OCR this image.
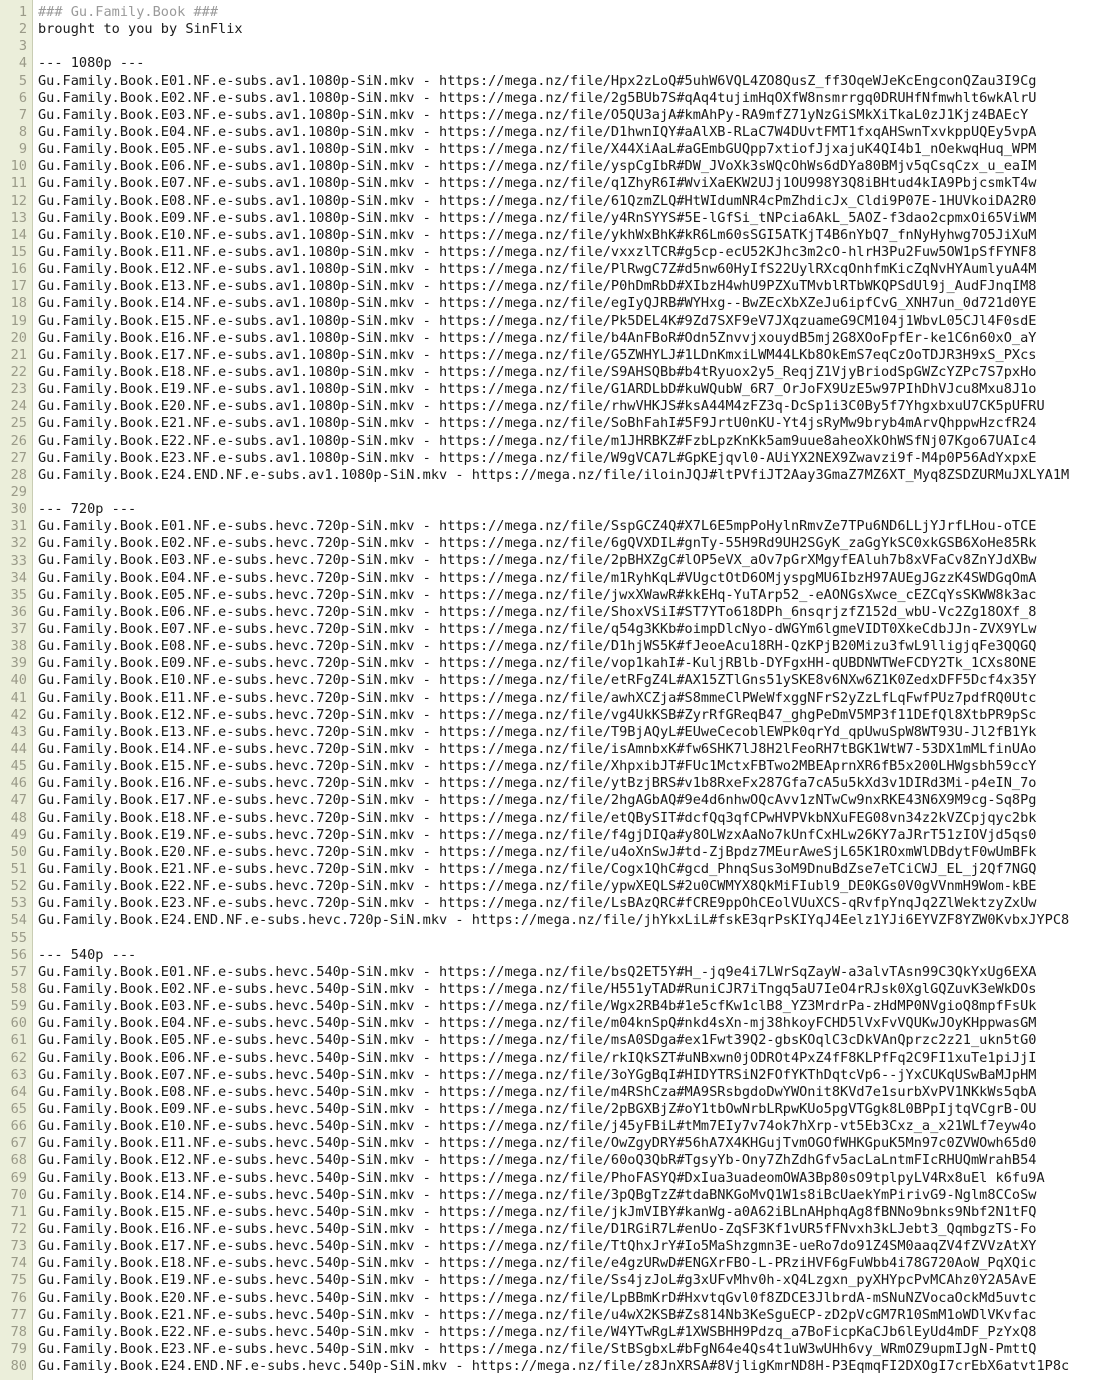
1 ### Gu.Family.Book ###
2 brought to you by SinFlix
3
4 --- 1080p ---
5 Gu.Family.Book.E01.NF.e-subs.av1.1080p-SiN.mkv - https://mega.nz/file/Hpx2zLoQ#5uhW6VQL4ZO8QusZ_ff3OqeWJeKcEngconQZau3I9Cg
6 Gu.Family.Book.E02.NF.e-subs.av1.1080p-SiN.mkv - https://mega.nz/file/2g5BUb7S#qAq4tujimHqOXfW8nsmrrgq0DRUHfNfmwhlt6wkAlrU
7 Gu.Family.Book.E03.NF.e-subs.av1.1080p-SiN.mkv - https://mega.nz/file/O5QU3ajA#kmAhPy-RA9mfZ71yNzGiSMkXiTkaL0zJ1Kjz4BAEcY
8 Gu.Family.Book.E04.NF.e-subs.av1.1080p-SiN.mkv - https://mega.nz/file/D1hwnIQY#aAlXB-RLaC7W4DUvtFMT1fxqAHSwnTxvkppUQEy5vpA
9 Gu.Family.Book.E05.NF.e-subs.av1.1080p-SiN.mkv - https://mega.nz/file/X44XiAaL#aGEmbGUQpp7xtiofJjxajuK4QI4b1_nOekwqHuq_WPM
10 Gu.Family.Book.E06.NF.e-subs.av1.1080p-SiN.mkv - https://mega.nz/file/yspCgIbR#DW_JVoXk3sWQcOhWs6dDYa80BMjv5qCsqCzx_u_eaIM
11 Gu.Family.Book.E07.NF.e-subs.av1.1080p-SiN.mkv - https://mega.nz/file/q1ZhyR6I#WviXaEKW2UJj1OU998Y3Q8iBHtud4kIA9PbjcsmkT4w
12 Gu.Family.Book.E08.NF.e-subs.av1.1080p-SiN.mkv - https://mega.nz/file/61QzmZLQ#HtWIdumNR4cPmZhdicJx_Cldi9P07E-1HUVkoiDA2R0
13 Gu.Family.Book.E09.NF.e-subs.av1.1080p-SiN.mkv - https://mega.nz/file/y4RnSYYS#5E-lGfSi_tNPcia6AkL_5AOZ-f3dao2cpmxOi65ViWM
14 Gu.Family.Book.E10.NF.e-subs.av1.1080p-SiN.mkv - https://mega.nz/file/ykhWxBhK#kR6Lm60sSGI5ATKjT4B6nYbQ7_fnNyHyhwg7O5JiXuM
15 Gu.Family.Book.E11.NF.e-subs.av1.1080p-SiN.mkv - https://mega.nz/file/vxxzlTCR#g5cp-ecU52KJhc3m2cO-hlrH3Pu2Fuw5OW1pSfFYNF8
16 Gu.Family.Book.E12.NF.e-subs.av1.1080p-SiN.mkv - https://mega.nz/file/PlRwgC7Z#d5nw60HyIfS22UylRXcqOnhfmKicZqNvHYAumlyuA4M
17 Gu.Family.Book.E13.NF.e-subs.av1.1080p-SiN.mkv - https://mega.nz/file/P0hDmRbD#XIbzH4whU9PZXuTMvblRTbWKQPSdUl9j_AudFJnqIM8
18 Gu.Family.Book.E14.NF.e-subs.av1.1080p-SiN.mkv - https://mega.nz/file/egIyQJRB#WYHxg--BwZEcXbXZeJu6ipfCvG_XNH7un_0d721d0YE
19 Gu.Family.Book.E15.NF.e-subs.av1.1080p-SiN.mkv - https://mega.nz/file/Pk5DEL4K#9Zd7SXF9eV7JXqzuameG9CM104j1WbvL05CJl4F0sdE
20 Gu.Family.Book.E16.NF.e-subs.av1.1080p-SiN.mkv - https://mega.nz/file/b4AnFBoR#Odn5ZnvvjxouydB5mj2G8XOoFpfEr-ke1C6n60xO_aY
21 Gu.Family.Book.E17.NF.e-subs.av1.1080p-SiN.mkv - https://mega.nz/file/G5ZWHYLJ#1LDnKmxiLWM44LKb8OkEmS7eqCzOoTDJR3H9xS_PXcs
22 Gu.Family.Book.E18.NF.e-subs.av1.1080p-SiN.mkv - https://mega.nz/file/S9AHSQBb#b4tRyuox2y5_ReqjZ1VjyBriodSpGWZcYZPc7S7pxHo
23 Gu.Family.Book.E19.NF.e-subs.av1.1080p-SiN.mkv - https://mega.nz/file/G1ARDLbD#kuWQubW_6R7_OrJoFX9UzE5w97PIhDhVJcu8Mxu8J1o
24 Gu.Family.Book.E20.NF.e-subs.av1.1080p-SiN.mkv - https://mega.nz/file/rhwVHKJS#ksA44M4zFZ3q-DcSp1i3C0By5f7YhgxbxuU7CK5pUFRU
25 Gu.Family.Book.E21.NF.e-subs.av1.1080p-SiN.mkv - https://mega.nz/file/SoBhFahI#5F9JrtU0nKU-Yt4jsRyMw9bryb4mArvQhppwHzcfR24
26 Gu.Family.Book.E22.NF.e-subs.av1.1080p-SiN.mkv - https://mega.nz/file/m1JHRBKZ#FzbLpzKnKk5am9uue8aheoXkOhWSfNj07Kgo67UAIc4
27 Gu.Family.Book.E23.NF.e-subs.av1.1080p-SiN.mkv - https://mega.nz/file/W9gVCA7L#GpKEjqvl0-AUiYX2NEX9Zwavzi9f-M4p0P56AdYxpxE
28 Gu.Family.Book.E24.END.NF.e-subs.av1.1080p-SiN.mkv - https://mega.nz/file/iloinJQJ#ltPVfiJT2Aay3GmaZ7MZ6XT_Myq8ZSDZURMuJXLYA1M
29
30 --- 720p ---
31 Gu.Family.Book.E01.NF.e-subs.hevc.720p-SiN.mkv - https://mega.nz/file/SspGCZ4Q#X7L6E5mpPoHylnRmvZe7TPu6ND6LLjYJrfLHou-oTCE
32 Gu.Family.Book.E02.NF.e-subs.hevc.720p-SiN.mkv - https://mega.nz/file/6gQVXDIL#gnTy-55H9Rd9UH2SGyK_zaGgYkSC0xkGSB6XoHe85Rk
33 Gu.Family.Book.E03.NF.e-subs.hevc.720p-SiN.mkv - https://mega.nz/file/2pBHXZgC#lOP5eVX_aOv7pGrXMgyfEAluh7b8xVFaCv8ZnYJdXBw
34 Gu.Family.Book.E04.NF.e-subs.hevc.720p-SiN.mkv - https://mega.nz/file/m1RyhKqL#VUgctOtD6OMjyspgMU6IbzH97AUEgJGzzK4SWDGqOmA
35 Gu.Family.Book.E05.NF.e-subs.hevc.720p-SiN.mkv - https://mega.nz/file/jwxXWawR#kkEHq-YuTArp52_-eAONGsXwce_cEZCqYsSKWW8k3ac
36 Gu.Family.Book.E06.NF.e-subs.hevc.720p-SiN.mkv - https://mega.nz/file/ShoxVSiI#ST7YTo618DPh_6nsqrjzfZ152d_wbU-Vc2Zg18OXf_8
37 Gu.Family.Book.E07.NF.e-subs.hevc.720p-SiN.mkv - https://mega.nz/file/q54g3KKb#oimpDlcNyo-dWGYm6lgmeVIDT0XkeCdbJJn-ZVX9YLw
38 Gu.Family.Book.E08.NF.e-subs.hevc.720p-SiN.mkv - https://mega.nz/file/D1hjWS5K#fJeoeAcu18RH-QzKPjB20Mizu3fwL9lligjqFe3QQGQ
39 Gu.Family.Book.E09.NF.e-subs.hevc.720p-SiN.mkv - https://mega.nz/file/vop1kahI#-KuljRBlb-DYFgxHH-qUBDNWTWeFCDY2Tk_1CXs8ONE
40 Gu.Family.Book.E10.NF.e-subs.hevc.720p-SiN.mkv - https://mega.nz/file/etRFgZ4L#AX15ZTlGns51ySKE8v6NXw6Z1K0ZedxDFF5Dcf4x35Y
41 Gu.Family.Book.E11.NF.e-subs.hevc.720p-SiN.mkv - https://mega.nz/file/awhXCZja#S8mmeClPWeWfxggNFrS2yZzLfLqFwfPUz7pdfRQ0Utc
42 Gu.Family.Book.E12.NF.e-subs.hevc.720p-SiN.mkv - https://mega.nz/file/vg4UkKSB#ZyrRfGReqB47_ghgPeDmV5MP3f11DEfQl8XtbPR9pSc
43 Gu.Family.Book.E13.NF.e-subs.hevc.720p-SiN.mkv - https://mega.nz/file/T9BjAQyL#EUweCecoblEWPk0qrYd_qpUwuSpW8WT93U-Jl2fB1Yk
44 Gu.Family.Book.E14.NF.e-subs.hevc.720p-SiN.mkv - https://mega.nz/file/isAmnbxK#fw6SHK7lJ8H2lFeoRH7tBGK1WtW7-53DX1mMLfinUAo
45 Gu.Family.Book.E15.NF.e-subs.hevc.720p-SiN.mkv - https://mega.nz/file/XhpxibJT#FUc1MctxFBTwo2MBEAprnXR6fB5x200LHWgsbh59ccY
46 Gu.Family.Book.E16.NF.e-subs.hevc.720p-SiN.mkv - https://mega.nz/file/ytBzjBRS#v1b8RxeFx287Gfa7cA5u5kXd3v1DIRd3Mi-p4eIN_7o
47 Gu.Family.Book.E17.NF.e-subs.hevc.720p-SiN.mkv - https://mega.nz/file/2hgAGbAQ#9e4d6nhwOQcAvv1zNTwCw9nxRKE43N6X9M9cg-Sq8Pg
48 Gu.Family.Book.E18.NF.e-subs.hevc.720p-SiN.mkv - https://mega.nz/file/etQBySIT#dcfQq3qfCPwHVPVkbNXuFEG08vn34z2kVZCpjqyc2bk
49 Gu.Family.Book.E19.NF.e-subs.hevc.720p-SiN.mkv - https://mega.nz/file/f4gjDIQa#y8OLWzxAaNo7kUnfCxHLw26KY7aJRrT51zIOVjd5qs0
50 Gu.Family.Book.E20.NF.e-subs.hevc.720p-SiN.mkv - https://mega.nz/file/u4oXnSwJ#td-ZjBpdz7MEurAweSjL65K1ROxmWlDBdytF0wUmBFk
51 Gu.Family.Book.E21.NF.e-subs.hevc.720p-SiN.mkv - https://mega.nz/file/Cogx1QhC#gcd_PhnqSus3oM9DnuBdZse7eTCiCWJ_EL_j2Qf7NGQ
52 Gu.Family.Book.E22.NF.e-subs.hevc.720p-SiN.mkv - https://mega.nz/file/ypwXEQLS#2u0CWMYX8QkMiFIubl9_DE0KGs0V0gVVnmH9Wom-kBE
53 Gu.Family.Book.E23.NF.e-subs.hevc.720p-SiN.mkv - https://mega.nz/file/LsBAzQRC#fCRE9ppOhCEolVUuXCS-qRvfpYnqJq2ZlWektzyZxUw
54 Gu.Family.Book.E24.END.NF.e-subs.hevc.720p-SiN.mkv - https://mega.nz/file/jhYkxLiL#fskE3qrPsKIYqJ4Eelz1YJi6EYVZF8YZW0KvbxJYPC8
55
56 --- 540p ---
57 Gu.Family.Book.E01.NF.e-subs.hevc.540p-SiN.mkv - https://mega.nz/file/bsQ2ET5Y#H_-jq9e4i7LWrSqZayW-a3alvTAsn99C3QkYxUg6EXA
58 Gu.Family.Book.E02.NF.e-subs.hevc.540p-SiN.mkv - https://mega.nz/file/H551yTAD#RuniCJR7iTngq5aU7IeO4rRJsk0XglGQZuvK3eWkDOs
59 Gu.Family.Book.E03.NF.e-subs.hevc.540p-SiN.mkv - https://mega.nz/file/Wgx2RB4b#1e5cfKw1clB8_YZ3MrdrPa-zHdMP0NVgioQ8mpfFsUk
60 Gu.Family.Book.E04.NF.e-subs.hevc.540p-SiN.mkv - https://mega.nz/file/m04knSpQ#nkd4sXn-mj38hkoyFCHD5lVxFvVQUKwJOyKHppwasGM
61 Gu.Family.Book.E05.NF.e-subs.hevc.540p-SiN.mkv - https://mega.nz/file/msA0SDga#ex1Fwt39Q2-gbsKOqlC3cDkVAnQprzc2z21_ukn5tG0
62 Gu.Family.Book.E06.NF.e-subs.hevc.540p-SiN.mkv - https://mega.nz/file/rkIQkSZT#uNBxwn0jODROt4PxZ4fF8KLPfFq2C9FI1xuTe1piJjI
63 Gu.Family.Book.E07.NF.e-subs.hevc.540p-SiN.mkv - https://mega.nz/file/3oYGgBqI#HIDYTRSiN2FOfYKThDqtcVp6--jYxCUKqUSwBaMJpHM
64 Gu.Family.Book.E08.NF.e-subs.hevc.540p-SiN.mkv - https://mega.nz/file/m4RShCza#MA9SRsbgdoDwYWOnit8KVd7e1surbXvPV1NKkWs5qbA
65 Gu.Family.Book.E09.NF.e-subs.hevc.540p-SiN.mkv - https://mega.nz/file/2pBGXBjZ#oY1tbOwNrbLRpwKUo5pgVTGgk8L0BPpIjtqVCgrB-OU
66 Gu.Family.Book.E10.NF.e-subs.hevc.540p-SiN.mkv - https://mega.nz/file/j45yFBiL#tMm7EIy7v74ok7hXrp-vt5Eb3Cxz_a_x21WLf7eyw4o
67 Gu.Family.Book.E11.NF.e-subs.hevc.540p-SiN.mkv - https://mega.nz/file/OwZgyDRY#56hA7X4KHGujTvmOGOfWHKGpuK5Mn97c0ZVWOwh65d0
68 Gu.Family.Book.E12.NF.e-subs.hevc.540p-SiN.mkv - https://mega.nz/file/60oQ3QbR#TgsyYb-Ony7ZhZdhGfv5acLaLntmFIcRHUQmWrahB54
69 Gu.Family.Book.E13.NF.e-subs.hevc.540p-SiN.mkv - https://mega.nz/file/PhoFASYQ#DxIua3uadeomOWA3Bp80sO9tplpyLV4Rx8uEl k6fu9A
70 Gu.Family.Book.E14.NF.e-subs.hevc.540p-SiN.mkv - https://mega.nz/file/3pQBgTzZ#tdaBNKGoMvQ1W1s8iBcUaekYmPirivG9-Nglm8CCoSw
71 Gu.Family.Book.E15.NF.e-subs.hevc.540p-SiN.mkv - https://mega.nz/file/jkJmVIBY#kanWg-a0A62iBLnAHphqAg8fBNNo9bnks9Nbf2N1tFQ
72 Gu.Family.Book.E16.NF.e-subs.hevc.540p-SiN.mkv - https://mega.nz/file/D1RGiR7L#enUo-ZqSF3Kf1vUR5fFNvxh3kLJebt3_QqmbgzTS-Fo
73 Gu.Family.Book.E17.NF.e-subs.hevc.540p-SiN.mkv - https://mega.nz/file/TtQhxJrY#Io5MaShzgmn3E-ueRo7do91Z4SM0aaqZV4fZVVzAtXY
74 Gu.Family.Book.E18.NF.e-subs.hevc.540p-SiN.mkv - https://mega.nz/file/e4gzURwD#ENGXrFBO-L-PRziHVF6gFuWbb4i78G720AoW_PqXQic
75 Gu.Family.Book.E19.NF.e-subs.hevc.540p-SiN.mkv - https://mega.nz/file/Ss4jzJoL#g3xUFvMhv0h-xQ4Lzgxn_pyXHYpcPvMCAhz0Y2A5AvE
76 Gu.Family.Book.E20.NF.e-subs.hevc.540p-SiN.mkv - https://mega.nz/file/LpBBmKrD#HxvtqGvl0f8ZDCE3JlbrdA-mSNuNZVocaOckMd5uvtc
77 Gu.Family.Book.E21.NF.e-subs.hevc.540p-SiN.mkv - https://mega.nz/file/u4wX2KSB#Zs814Nb3KeSguECP-zD2pVcGM7R10SmM1oWDlVKvfac
78 Gu.Family.Book.E22.NF.e-subs.hevc.540p-SiN.mkv - https://mega.nz/file/W4YTwRgL#1XWSBHH9Pdzq_a7BoFicpKaCJb6lEyUd4mDF_PzYxQ8
79 Gu.Family.Book.E23.NF.e-subs.hevc.540p-SiN.mkv - https://mega.nz/file/StBSgbxL#bFgN64e4Qs4t1uW3wUHh6vy_WRmOZ9upmIJgN-PmttQ
80 Gu.Family.Book.E24.END.NF.e-subs.hevc.540p-SiN.mkv - https://mega.nz/file/z8JnXRSA#8VjligKmrND8H-P3EqmqFI2DXOgI7crEbX6atvt1P8c
